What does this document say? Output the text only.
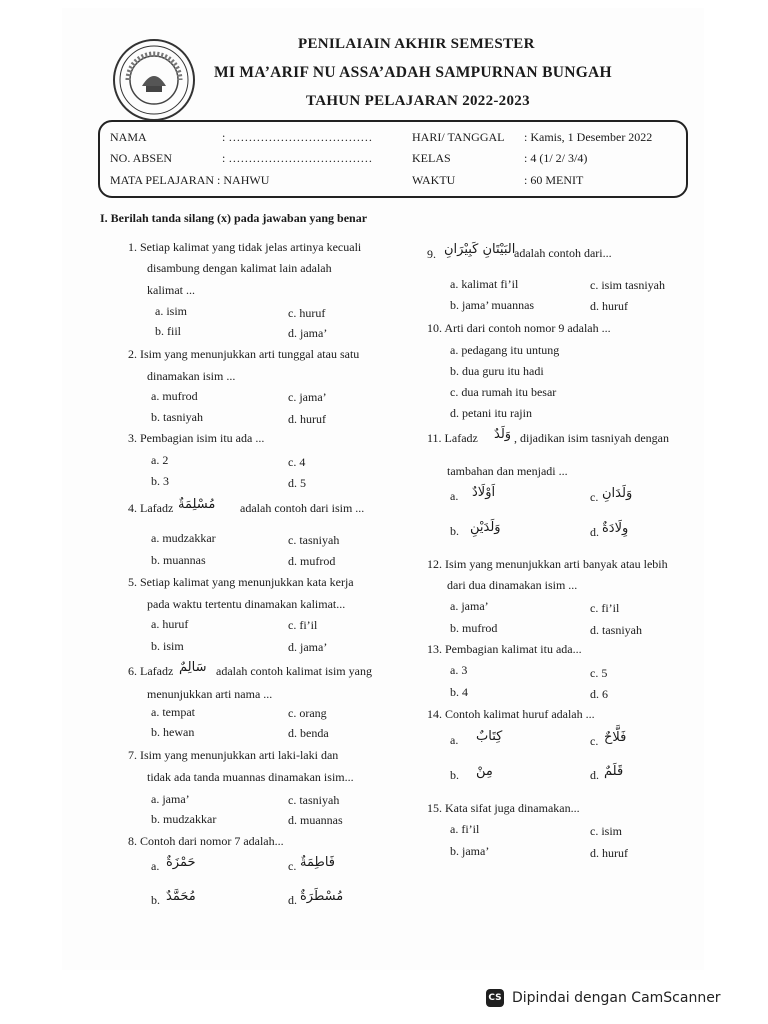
PENILAIAIN AKHIR SEMESTER
MI MA’ARIF NU ASSA’ADAH SAMPURNAN BUNGAH
TAHUN PELAJARAN 2022-2023
NAMA	: ………………………………
NO. ABSEN	: ………………………………
MATA PELAJARAN : NAHWU
HARI/ TANGGAL : Kamis, 1 Desember 2022
KELAS	: 4 (1/ 2/ 3/4)
WAKTU	: 60 MENIT
I. Berilah tanda silang (x) pada jawaban yang benar
1. Setiap kalimat yang tidak jelas artinya kecuali
disambung dengan kalimat lain adalah
kalimat ...
a. isim	c. huruf
b. fiil	d. jama’
2. Isim yang menunjukkan arti tunggal atau satu
dinamakan isim ...
a. mufrod	c. jama’
b. tasniyah	d. huruf
3. Pembagian isim itu ada ...
a. 2	c. 4
b. 3	d. 5
4. Lafadz مُسْلِمَةٌ adalah contoh dari isim ...
a. mudzakkar	c. tasniyah
b. muannas	d. mufrod
5. Setiap kalimat yang menunjukkan kata kerja
pada waktu tertentu dinamakan kalimat...
a. huruf	c. fi’il
b. isim	d. jama’
6. Lafadz سَالِمٌ adalah contoh kalimat isim yang
menunjukkan arti nama ...
a. tempat	c. orang
b. hewan	d. benda
7. Isim yang menunjukkan arti laki-laki dan
tidak ada tanda muannas dinamakan isim...
a. jama’	c. tasniyah
b. mudzakkar	d. muannas
8. Contoh dari nomor 7 adalah...
a. حَمْزَةٌ	c. فَاطِمَةٌ
b. مُحَمَّدٌ	d. مُسْطَرَةٌ
9. البَيْتَانِ كَبِيْرَانِ
adalah contoh dari...
a. kalimat fi’il	c. isim tasniyah
b. jama’ muannas	d. huruf
10. Arti dari contoh nomor 9 adalah ...
a. pedagang itu untung
b. dua guru itu hadi
c. dua rumah itu besar
d. petani itu rajin
11. Lafadz وَلَدٌ , dijadikan isim tasniyah dengan
tambahan dan menjadi ...
a. اَوْلَادٌ	c. وَلَدَانِ
b. وَلَدَيْنِ	d. وِلَادَةٌ
12. Isim yang menunjukkan arti banyak atau lebih
dari dua dinamakan isim ...
a. jama’	c. fi’il
b. mufrod	d. tasniyah
13. Pembagian kalimat itu ada...
a. 3	c. 5
b. 4	d. 6
14. Contoh kalimat huruf adalah ...
a. كِتَابٌ	c. فَلَّاحٌ
b. مِنْ	d. قَلَمٌ
15. Kata sifat juga dinamakan...
a. fi’il	c. isim
b. jama’	d. huruf
CS Dipindai dengan CamScanner
